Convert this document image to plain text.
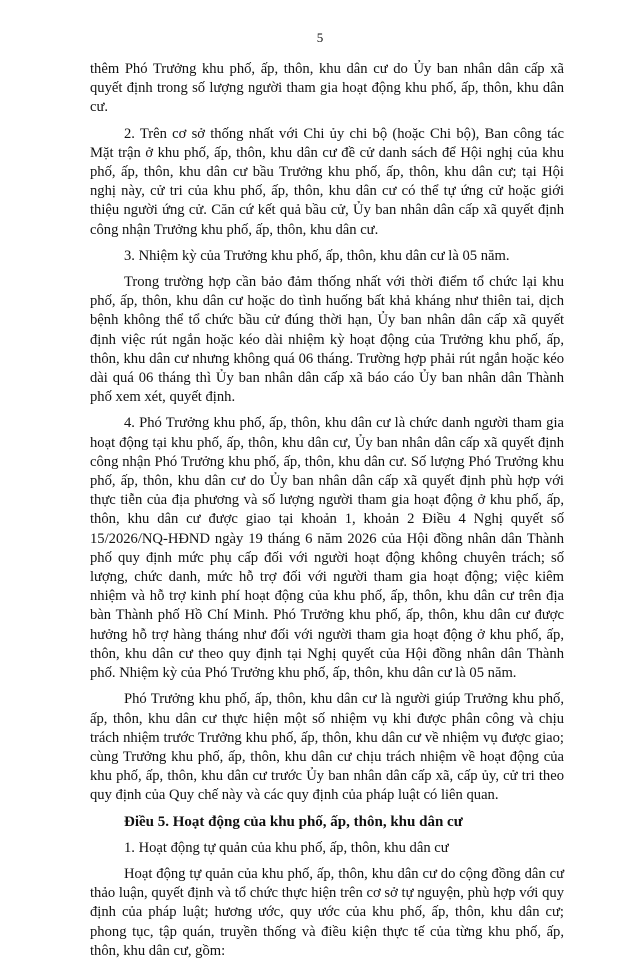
5

thêm Phó Trưởng khu phố, ấp, thôn, khu dân cư do Ủy ban nhân dân cấp xã quyết định trong số lượng người tham gia hoạt động khu phố, ấp, thôn, khu dân cư.

2. Trên cơ sở thống nhất với Chi ủy chi bộ (hoặc Chi bộ), Ban công tác Mặt trận ở khu phố, ấp, thôn, khu dân cư đề cử danh sách để Hội nghị của khu phố, ấp, thôn, khu dân cư bầu Trưởng khu phố, ấp, thôn, khu dân cư; tại Hội nghị này, cử tri của khu phố, ấp, thôn, khu dân cư có thể tự ứng cử hoặc giới thiệu người ứng cử. Căn cứ kết quả bầu cử, Ủy ban nhân dân cấp xã quyết định công nhận Trưởng khu phố, ấp, thôn, khu dân cư.

3. Nhiệm kỳ của Trưởng khu phố, ấp, thôn, khu dân cư là 05 năm.

Trong trường hợp cần bảo đảm thống nhất với thời điểm tổ chức lại khu phố, ấp, thôn, khu dân cư hoặc do tình huống bất khả kháng như thiên tai, dịch bệnh không thể tổ chức bầu cử đúng thời hạn, Ủy ban nhân dân cấp xã quyết định việc rút ngắn hoặc kéo dài nhiệm kỳ hoạt động của Trưởng khu phố, ấp, thôn, khu dân cư nhưng không quá 06 tháng. Trường hợp phải rút ngắn hoặc kéo dài quá 06 tháng thì Ủy ban nhân dân cấp xã báo cáo Ủy ban nhân dân Thành phố xem xét, quyết định.

4. Phó Trưởng khu phố, ấp, thôn, khu dân cư là chức danh người tham gia hoạt động tại khu phố, ấp, thôn, khu dân cư, Ủy ban nhân dân cấp xã quyết định công nhận Phó Trưởng khu phố, ấp, thôn, khu dân cư. Số lượng Phó Trưởng khu phố, ấp, thôn, khu dân cư do Ủy ban nhân dân cấp xã quyết định phù hợp với thực tiễn của địa phương và số lượng người tham gia hoạt động ở khu phố, ấp, thôn, khu dân cư được giao tại khoản 1, khoản 2 Điều 4 Nghị quyết số 15/2026/NQ-HĐND ngày 19 tháng 6 năm 2026 của Hội đồng nhân dân Thành phố quy định mức phụ cấp đối với người hoạt động không chuyên trách; số lượng, chức danh, mức hỗ trợ đối với người tham gia hoạt động; việc kiêm nhiệm và hỗ trợ kinh phí hoạt động của khu phố, ấp, thôn, khu dân cư trên địa bàn Thành phố Hồ Chí Minh. Phó Trưởng khu phố, ấp, thôn, khu dân cư được hưởng hỗ trợ hàng tháng như đối với người tham gia hoạt động ở khu phố, ấp, thôn, khu dân cư theo quy định tại Nghị quyết của Hội đồng nhân dân Thành phố. Nhiệm kỳ của Phó Trưởng khu phố, ấp, thôn, khu dân cư là 05 năm.

Phó Trưởng khu phố, ấp, thôn, khu dân cư là người giúp Trưởng khu phố, ấp, thôn, khu dân cư thực hiện một số nhiệm vụ khi được phân công và chịu trách nhiệm trước Trưởng khu phố, ấp, thôn, khu dân cư về nhiệm vụ được giao; cùng Trưởng khu phố, ấp, thôn, khu dân cư chịu trách nhiệm về hoạt động của khu phố, ấp, thôn, khu dân cư trước Ủy ban nhân dân cấp xã, cấp ủy, cử tri theo quy định của Quy chế này và các quy định của pháp luật có liên quan.

Điều 5. Hoạt động của khu phố, ấp, thôn, khu dân cư

1. Hoạt động tự quản của khu phố, ấp, thôn, khu dân cư

Hoạt động tự quản của khu phố, ấp, thôn, khu dân cư do cộng đồng dân cư thảo luận, quyết định và tổ chức thực hiện trên cơ sở tự nguyện, phù hợp với quy định của pháp luật; hương ước, quy ước của khu phố, ấp, thôn, khu dân cư; phong tục, tập quán, truyền thống và điều kiện thực tế của từng khu phố, ấp, thôn, khu dân cư, gồm:
